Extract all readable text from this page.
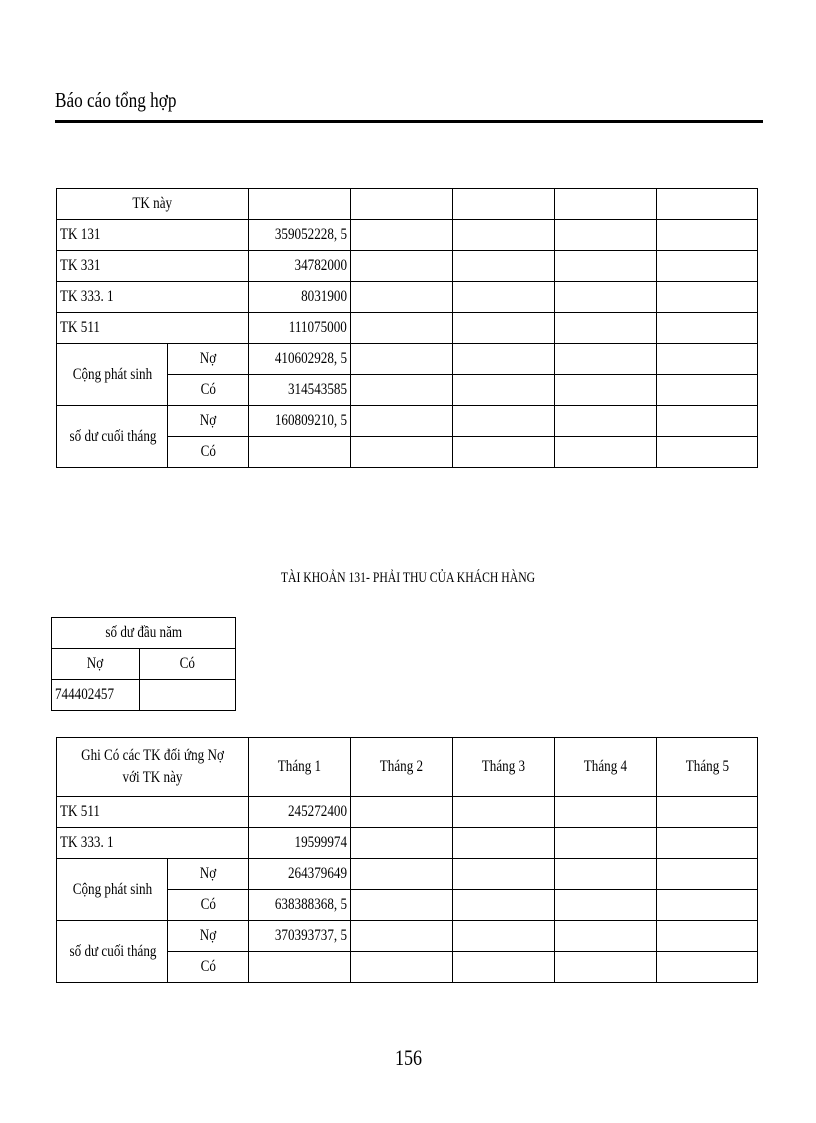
Báo cáo tổng hợp
TK này						
TK 131		359052228, 5				
TK 331		34782000				
TK 333. 1		8031900				
TK 511		111075000				
Cộng phát sinh	Nợ	410602928, 5				
	Có	314543585				
số dư cuối tháng	Nợ	160809210, 5				
	Có					
TÀI KHOẢN 131- PHẢI THU CỦA KHÁCH HÀNG
số dư đầu năm	
Nợ	Có
744402457	
Ghi Có các TK đối ứng Nợ với TK này		Tháng 1	Tháng 2	Tháng 3	Tháng 4	Tháng 5
TK 511		245272400				
TK 333. 1		19599974				
Cộng phát sinh	Nợ	264379649				
	Có	638388368, 5				
số dư cuối tháng	Nợ	370393737, 5				
	Có					
156
